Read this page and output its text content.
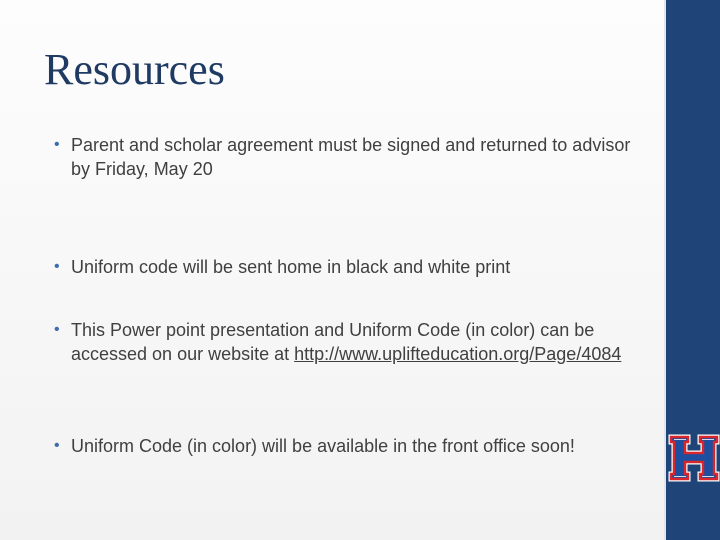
Resources
• Parent and scholar agreement must be signed and returned to advisor by Friday, May 20
• Uniform code will be sent home in black and white print
• This Power point presentation and Uniform Code (in color) can be accessed on our website at http://www.uplifteducation.org/Page/4084
• Uniform Code (in color) will be available in the front office soon!
